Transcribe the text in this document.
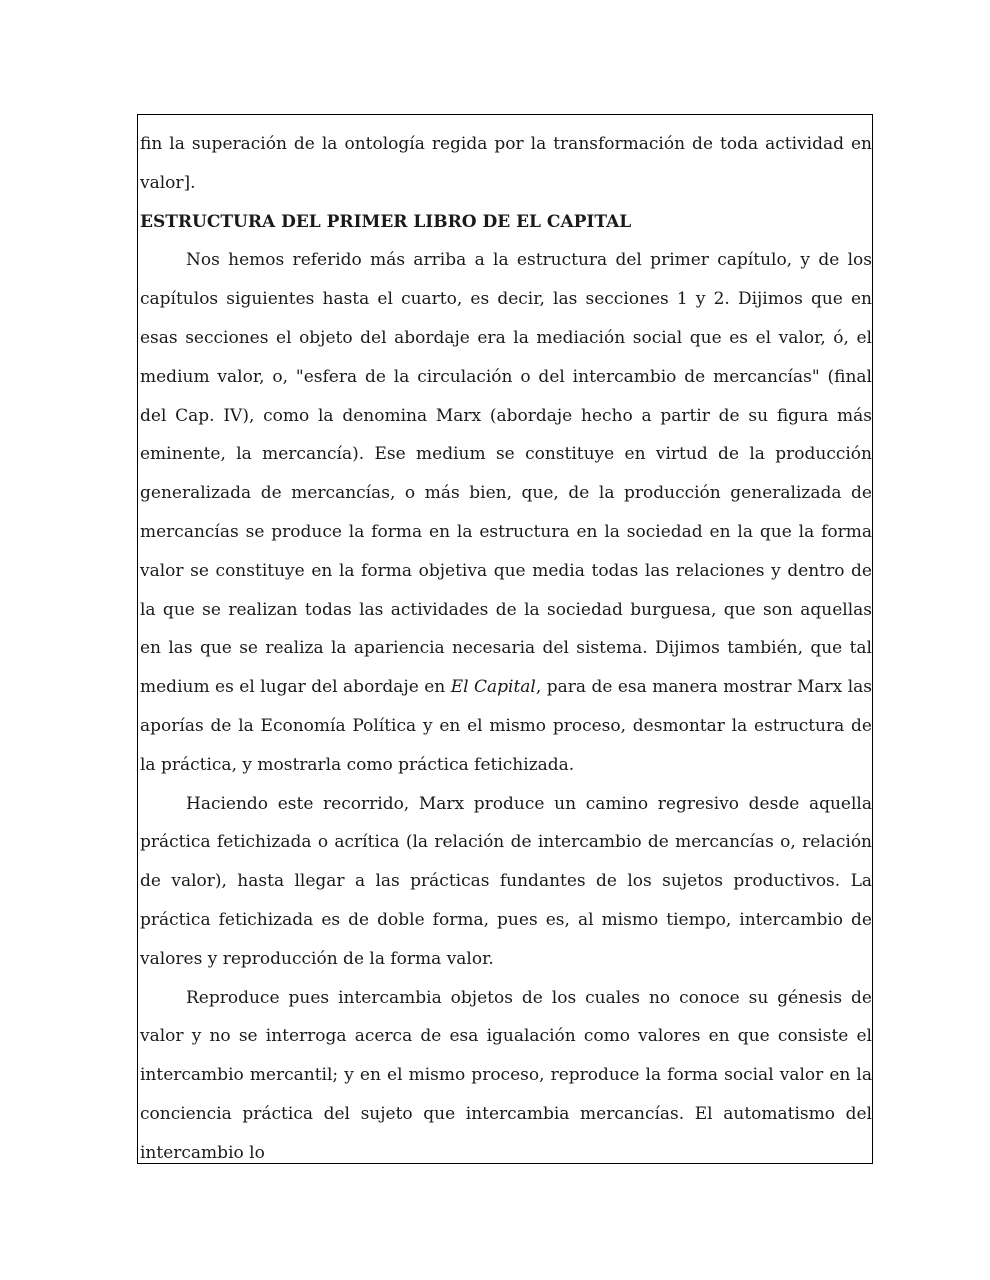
fin la superación de la ontología regida por la transformación de toda actividad en valor].

ESTRUCTURA DEL PRIMER LIBRO DE EL CAPITAL

Nos hemos referido más arriba a la estructura del primer capítulo, y de los capítulos siguientes hasta el cuarto, es decir, las secciones 1 y 2. Dijimos que en esas secciones el objeto del abordaje era la mediación social que es el valor, ó, el medium valor, o, "esfera de la circulación o del intercambio de mercancías" (final del Cap. IV), como la denomina Marx (abordaje hecho a partir de su figura más eminente, la mercancía). Ese medium se constituye en virtud de la producción generalizada de mercancías, o más bien, que, de la producción generalizada de mercancías se produce la forma en la estructura en la sociedad en la que la forma valor se constituye en la forma objetiva que media todas las relaciones y dentro de la que se realizan todas las actividades de la sociedad burguesa, que son aquellas en las que se realiza la apariencia necesaria del sistema. Dijimos también, que tal medium es el lugar del abordaje en El Capital, para de esa manera mostrar Marx las aporías de la Economía Política y en el mismo proceso, desmontar la estructura de la práctica, y mostrarla como práctica fetichizada.

Haciendo este recorrido, Marx produce un camino regresivo desde aquella práctica fetichizada o acrítica (la relación de intercambio de mercancías o, relación de valor), hasta llegar a las prácticas fundantes de los sujetos productivos. La práctica fetichizada es de doble forma, pues es, al mismo tiempo, intercambio de valores y reproducción de la forma valor.

Reproduce pues intercambia objetos de los cuales no conoce su génesis de valor y no se interroga acerca de esa igualación como valores en que consiste el intercambio mercantil; y en el mismo proceso, reproduce la forma social valor en la conciencia práctica del sujeto que intercambia mercancías. El automatismo del intercambio lo
